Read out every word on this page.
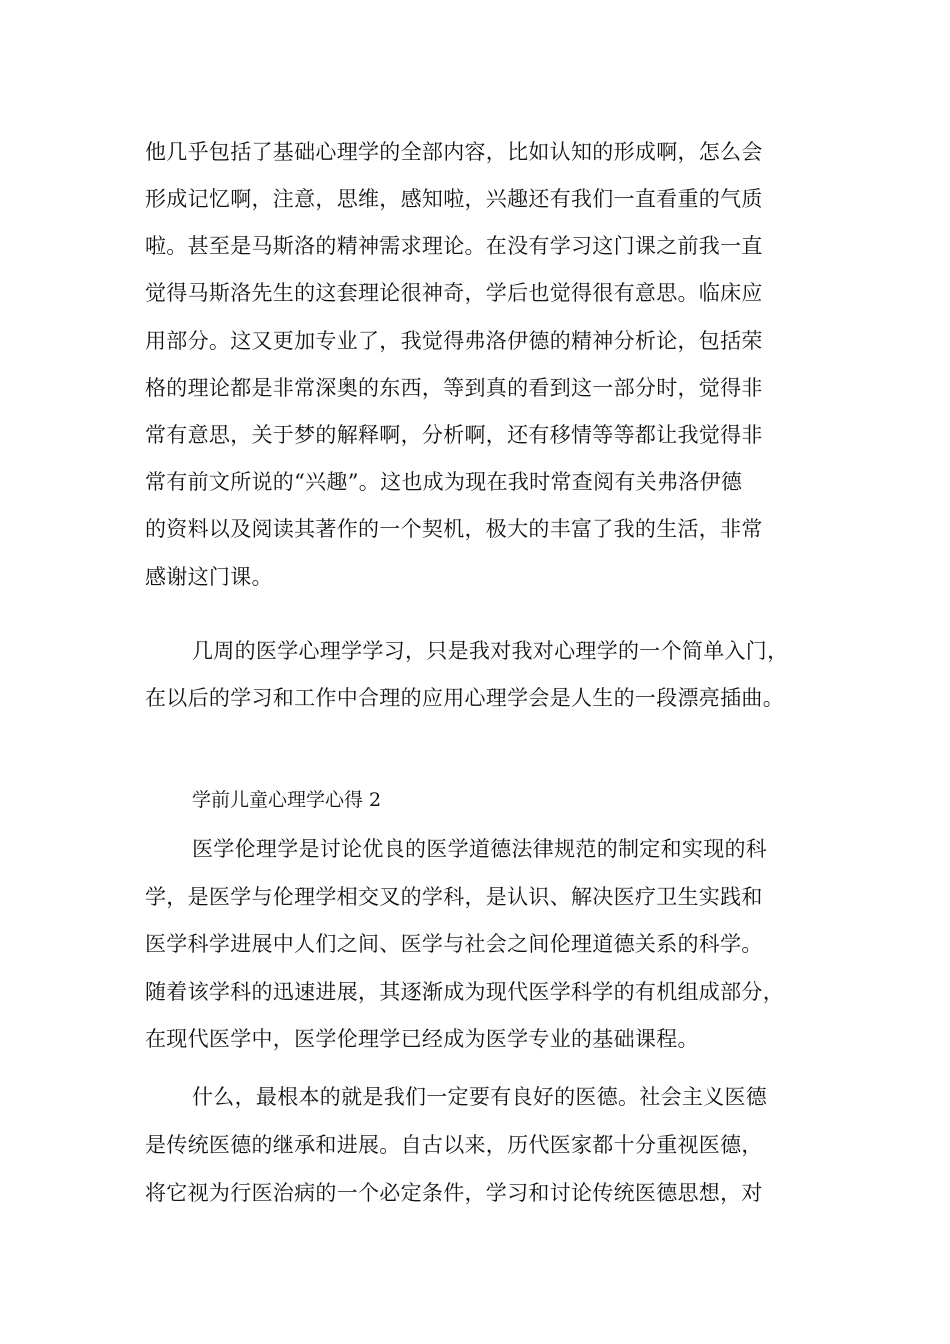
他几乎包括了基础心理学的全部内容，比如认知的形成啊，怎么会
形成记忆啊，注意，思维，感知啦，兴趣还有我们一直看重的气质
啦。甚至是马斯洛的精神需求理论。在没有学习这门课之前我一直
觉得马斯洛先生的这套理论很神奇，学后也觉得很有意思。临床应
用部分。这又更加专业了，我觉得弗洛伊德的精神分析论，包括荣
格的理论都是非常深奥的东西，等到真的看到这一部分时，觉得非
常有意思，关于梦的解释啊，分析啊，还有移情等等都让我觉得非
常有前文所说的“兴趣”。这也成为现在我时常查阅有关弗洛伊德
的资料以及阅读其著作的一个契机，极大的丰富了我的生活，非常
感谢这门课。
几周的医学心理学学习，只是我对我对心理学的一个简单入门，
在以后的学习和工作中合理的应用心理学会是人生的一段漂亮插曲。
学前儿童心理学心得 2
医学伦理学是讨论优良的医学道德法律规范的制定和实现的科
学，是医学与伦理学相交叉的学科，是认识、解决医疗卫生实践和
医学科学进展中人们之间、医学与社会之间伦理道德关系的科学。
随着该学科的迅速进展，其逐渐成为现代医学科学的有机组成部分，
在现代医学中，医学伦理学已经成为医学专业的基础课程。
什么，最根本的就是我们一定要有良好的医德。社会主义医德
是传统医德的继承和进展。自古以来，历代医家都十分重视医德，
将它视为行医治病的一个必定条件，学习和讨论传统医德思想，对
